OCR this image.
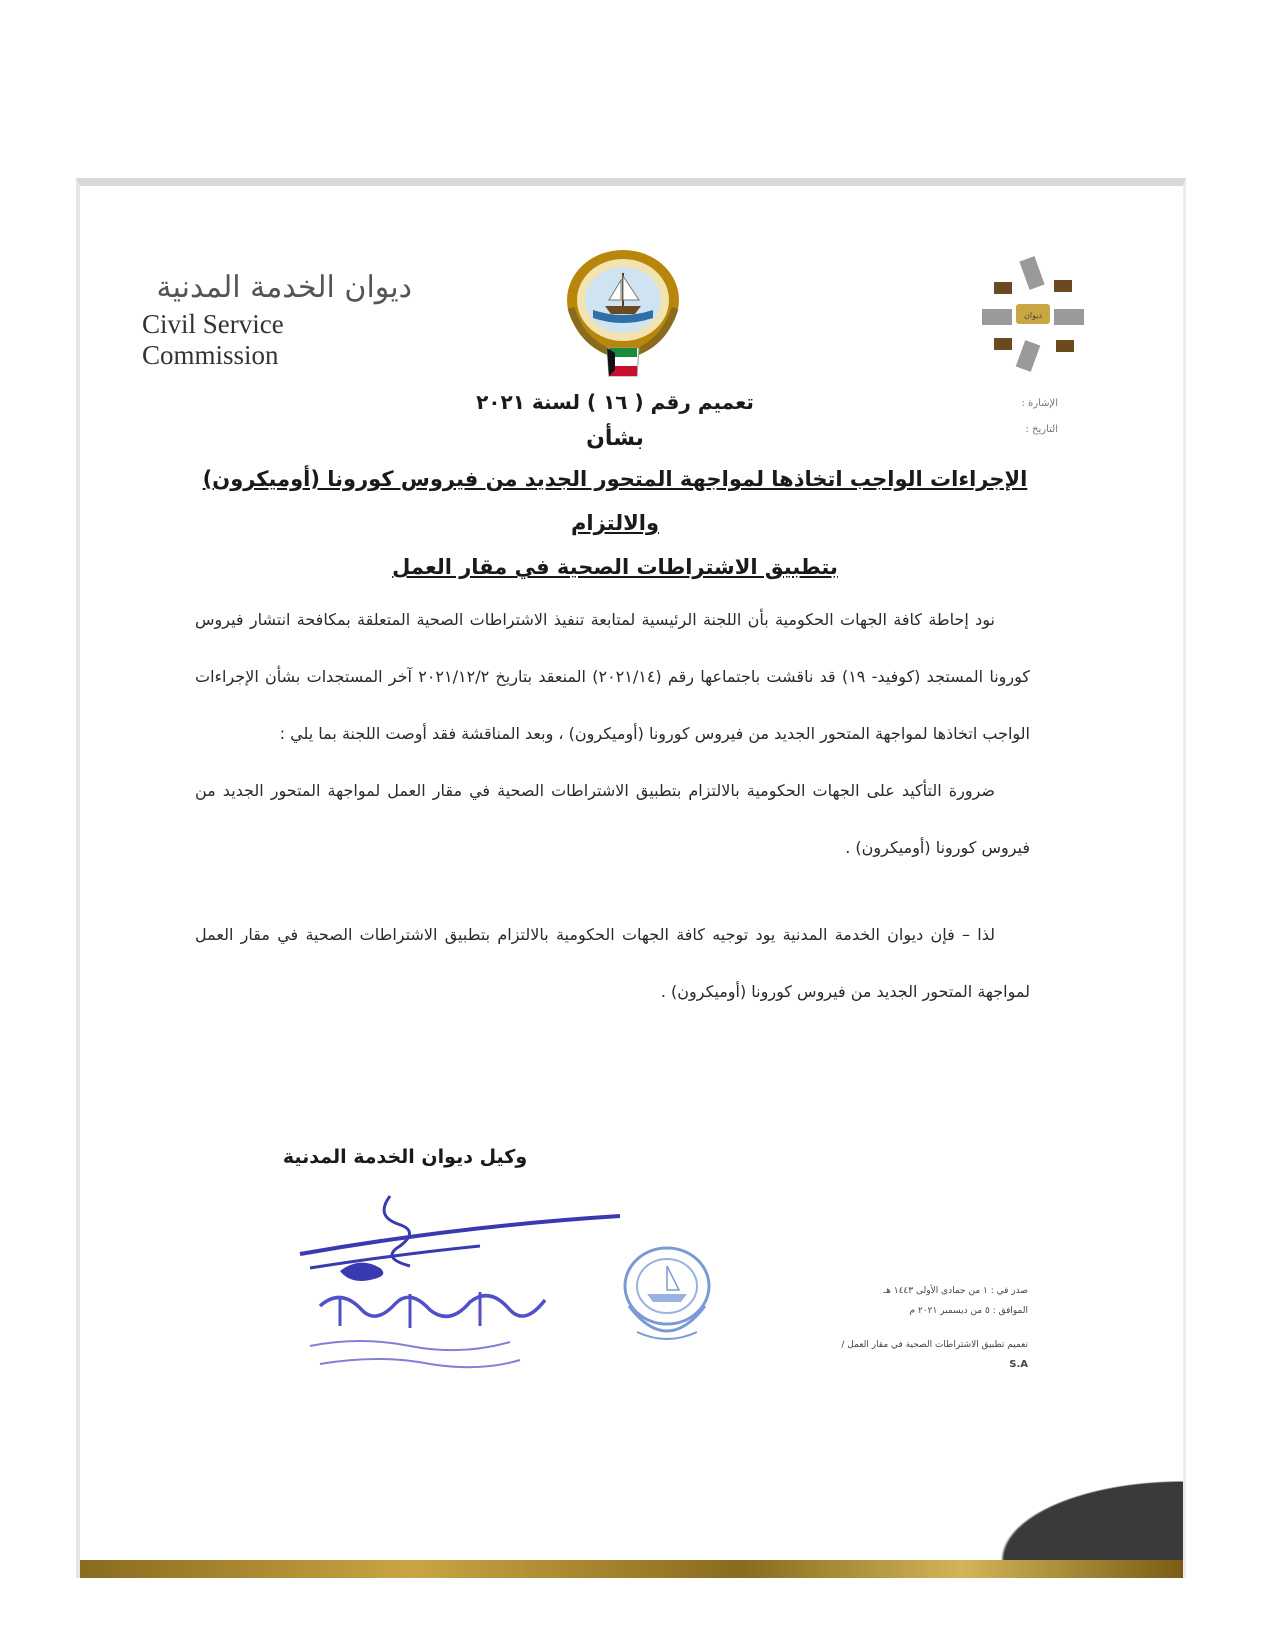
ديوان الخدمة المدنية
Civil Service Commission
ديوان
الإشارة :
التاريخ :
تعميم رقم ( ١٦ ) لسنة ٢٠٢١
بشأن
الإجراءات الواجب اتخاذها لمواجهة المتحور الجديد من فيروس كورونا (أوميكرون) والالتزام
بتطبيق الاشتراطات الصحية في مقار العمل

نود إحاطة كافة الجهات الحكومية بأن اللجنة الرئيسية لمتابعة تنفيذ الاشتراطات الصحية المتعلقة بمكافحة انتشار فيروس كورونا المستجد (كوفيد- ١٩) قد ناقشت باجتماعها رقم (٢٠٢١/١٤) المنعقد بتاريخ ٢٠٢١/١٢/٢ آخر المستجدات بشأن الإجراءات الواجب اتخاذها لمواجهة المتحور الجديد من فيروس كورونا (أوميكرون) ، وبعد المناقشة فقد أوصت اللجنة بما يلي :

ضرورة التأكيد على الجهات الحكومية بالالتزام بتطبيق الاشتراطات الصحية في مقار العمل لمواجهة المتحور الجديد من فيروس كورونا (أوميكرون) .

لذا – فإن ديوان الخدمة المدنية يود توجيه كافة الجهات الحكومية بالالتزام بتطبيق الاشتراطات الصحية في مقار العمل لمواجهة المتحور الجديد من فيروس كورونا (أوميكرون) .

وكيل ديوان الخدمة المدنية
صدر في : ١ من جمادى الأولى ١٤٤٣ هـ
الموافق : ٥ من ديسمبر ٢٠٢١ م
تعميم تطبيق الاشتراطات الصحية في مقار العمل / S.A
